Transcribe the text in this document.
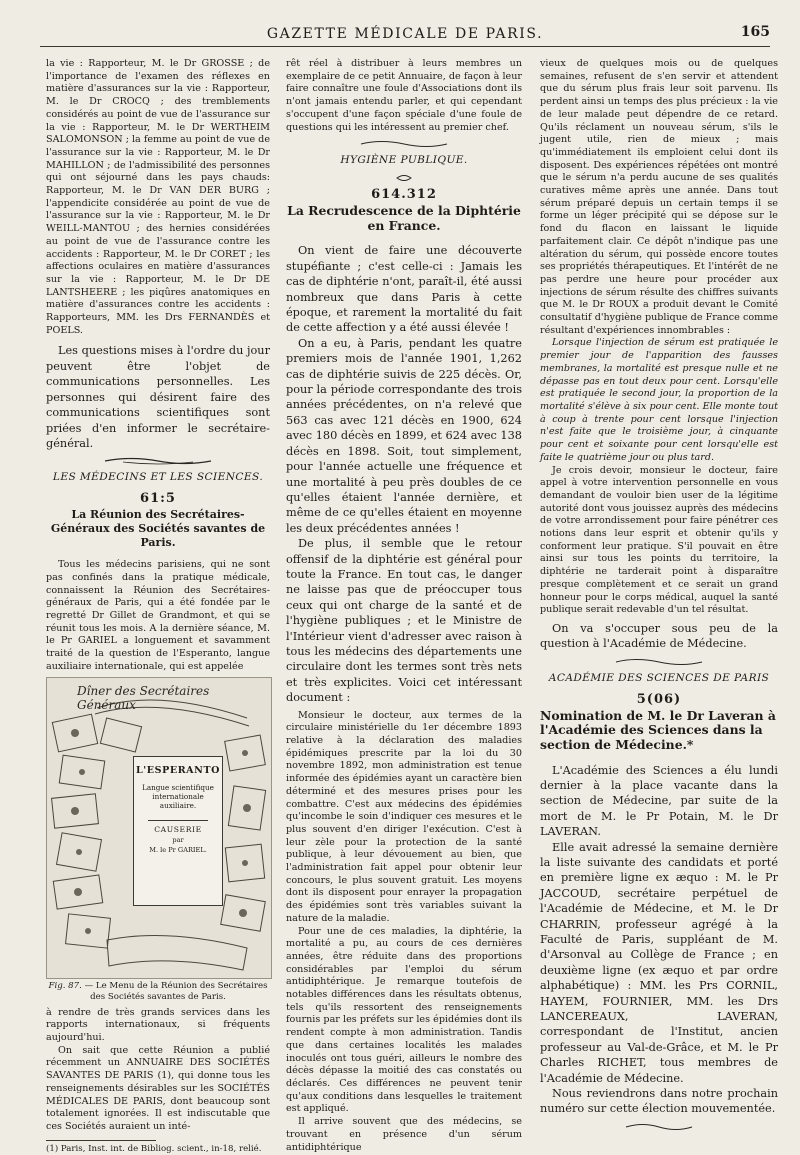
GAZETTE MÉDICALE DE PARIS.	165

la vie : Rapporteur, M. le Dr GROSSE ; de l'importance de l'examen des réflexes en matière d'assurances sur la vie : Rapporteur, M. le Dr CROCQ ; des tremblements considérés au point de vue de l'assurance sur la vie : Rapporteur, M. le Dr WERTHEIM SALOMONSON ; la femme au point de vue de l'assurance sur la vie : Rapporteur, M. le Dr MAHILLON ; de l'admissibilité des personnes qui ont séjourné dans les pays chauds: Rapporteur, M. le Dr VAN DER BURG ; l'appendicite considérée au point de vue de l'assurance sur la vie : Rapporteur, M. le Dr WEILL-MANTOU ; des hernies considérées au point de vue de l'assurance contre les accidents : Rapporteur, M. le Dr CORET ; les affections oculaires en matière d'assurances sur la vie : Rapporteur, M. le Dr DE LANTSHEERE ; les piqûres anatomiques en matière d'assurances contre les accidents : Rapporteurs, MM. les Drs FERNANDÈS et POELS.

Les questions mises à l'ordre du jour peuvent être l'objet de communications personnelles. Les personnes qui désirent faire des communications scientifiques sont priées d'en informer le secrétaire-général.

LES MÉDECINS ET LES SCIENCES.
61:5
La Réunion des Secrétaires-Généraux des Sociétés savantes de Paris.

Tous les médecins parisiens, qui ne sont pas confinés dans la pratique médicale, connaissent la Réunion des Secrétaires-généraux de Paris, qui a été fondée par le regretté Dr Gillet de Grandmont, et qui se réunit tous les mois. A la dernière séance, M. le Pr GARIEL a longuement et savamment traité de la question de l'Esperanto, langue auxiliaire internationale, qui est appelée

Dîner des Secrétaires Généraux
L'ESPERANTO
Langue scientifique internationale auxiliaire.
CAUSERIE
par
M. le Pr GARIEL.
Fig. 87. — Le Menu de la Réunion des Secrétaires des Sociétés savantes de Paris.

à rendre de très grands services dans les rapports internationaux, si fréquents aujourd'hui.

On sait que cette Réunion a publié récemment un ANNUAIRE DES SOCIÉTÉS SAVANTES DE PARIS (1), qui donne tous les renseignements désirables sur les SOCIÉTÉS MÉDICALES DE PARIS, dont beaucoup sont totalement ignorées. Il est indiscutable que ces Sociétés auraient un inté-

(1) Paris, Inst. int. de Bibliog. scient., in-18, relié.

rêt réel à distribuer à leurs membres un exemplaire de ce petit Annuaire, de façon à leur faire connaître une foule d'Associations dont ils n'ont jamais entendu parler, et qui cependant s'occupent d'une façon spéciale d'une foule de questions qui les intéressent au premier chef.

HYGIÈNE PUBLIQUE.
614.312
La Recrudescence de la Diphtérie en France.

On vient de faire une découverte stupéfiante ; c'est celle-ci : Jamais les cas de diphtérie n'ont, paraît-il, été aussi nombreux que dans Paris à cette époque, et rarement la mortalité du fait de cette affection y a été aussi élevée !

On a eu, à Paris, pendant les quatre premiers mois de l'année 1901, 1,262 cas de diphtérie suivis de 225 décès. Or, pour la période correspondante des trois années précédentes, on n'a relevé que 563 cas avec 121 décès en 1900, 624 avec 180 décès en 1899, et 624 avec 138 décès en 1898. Soit, tout simplement, pour l'année actuelle une fréquence et une mortalité à peu près doubles de ce qu'elles étaient l'année dernière, et même de ce qu'elles étaient en moyenne les deux précédentes années !

De plus, il semble que le retour offensif de la diphtérie est général pour toute la France. En tout cas, le danger ne laisse pas que de préoccuper tous ceux qui ont charge de la santé et de l'hygiène publiques ; et le Ministre de l'Intérieur vient d'adresser avec raison à tous les médecins des départements une circulaire dont les termes sont très nets et très explicites. Voici cet intéressant document :

Monsieur le docteur, aux termes de la circulaire ministérielle du 1er décembre 1893 relative à la déclaration des maladies épidémiques prescrite par la loi du 30 novembre 1892, mon administration est tenue informée des épidémies ayant un caractère bien déterminé et des mesures prises pour les combattre. C'est aux médecins des épidémies qu'incombe le soin d'indiquer ces mesures et le plus souvent d'en diriger l'exécution. C'est à leur zèle pour la protection de la santé publique, à leur dévouement au bien, que l'administration fait appel pour obtenir leur concours, le plus souvent gratuit. Les moyens dont ils disposent pour enrayer la propagation des épidémies sont très variables suivant la nature de la maladie.

Pour une de ces maladies, la diphtérie, la mortalité a pu, au cours de ces dernières années, être réduite dans des proportions considérables par l'emploi du sérum antidiphtérique. Je remarque toutefois de notables différences dans les résultats obtenus, tels qu'ils ressortent des renseignements fournis par les préfets sur les épidémies dont ils rendent compte à mon administration. Tandis que dans certaines localités les malades inoculés ont tous guéri, ailleurs le nombre des décès dépasse la moitié des cas constatés ou déclarés. Ces différences ne peuvent tenir qu'aux conditions dans lesquelles le traitement est appliqué.

Il arrive souvent que des médecins, se trouvant en présence d'un sérum antidiphtérique

vieux de quelques mois ou de quelques semaines, refusent de s'en servir et attendent que du sérum plus frais leur soit parvenu. Ils perdent ainsi un temps des plus précieux : la vie de leur malade peut dépendre de ce retard. Qu'ils réclament un nouveau sérum, s'ils le jugent utile, rien de mieux ; mais qu'immédiatement ils emploient celui dont ils disposent. Des expériences répétées ont montré que le sérum n'a perdu aucune de ses qualités curatives même après une année. Dans tout sérum préparé depuis un certain temps il se forme un léger précipité qui se dépose sur le fond du flacon en laissant le liquide parfaitement clair. Ce dépôt n'indique pas une altération du sérum, qui possède encore toutes ses propriétés thérapeutiques. Et l'intérêt de ne pas perdre une heure pour procéder aux injections de sérum résulte des chiffres suivants que M. le Dr ROUX a produit devant le Comité consultatif d'hygiène publique de France comme résultant d'expériences innombrables :

Lorsque l'injection de sérum est pratiquée le premier jour de l'apparition des fausses membranes, la mortalité est presque nulle et ne dépasse pas en tout deux pour cent. Lorsqu'elle est pratiquée le second jour, la proportion de la mortalité s'élève à six pour cent. Elle monte tout à coup à trente pour cent lorsque l'injection n'est faite que le troisième jour, à cinquante pour cent et soixante pour cent lorsqu'elle est faite le quatrième jour ou plus tard.

Je crois devoir, monsieur le docteur, faire appel à votre intervention personnelle en vous demandant de vouloir bien user de la légitime autorité dont vous jouissez auprès des médecins de votre arrondissement pour faire pénétrer ces notions dans leur esprit et obtenir qu'ils y conforment leur pratique. S'il pouvait en être ainsi sur tous les points du territoire, la diphtérie ne tarderait point à disparaître presque complètement et ce serait un grand honneur pour le corps médical, auquel la santé publique serait redevable d'un tel résultat.

On va s'occuper sous peu de la question à l'Académie de Médecine.

ACADÉMIE DES SCIENCES DE PARIS
5(06)
Nomination de M. le Dr Laveran à l'Académie des Sciences dans la section de Médecine.*

L'Académie des Sciences a élu lundi dernier à la place vacante dans la section de Médecine, par suite de la mort de M. le Pr Potain, M. le Dr LAVERAN.

Elle avait adressé la semaine dernière la liste suivante des candidats et porté en première ligne ex æquo : M. le Pr JACCOUD, secrétaire perpétuel de l'Académie de Médecine, et M. le Dr CHARRIN, professeur agrégé à la Faculté de Paris, suppléant de M. d'Arsonval au Collège de France ; en deuxième ligne (ex æquo et par ordre alphabétique) : MM. les Prs CORNIL, HAYEM, FOURNIER, MM. les Drs LANCEREAUX, LAVERAN, correspondant de l'Institut, ancien professeur au Val-de-Grâce, et M. le Pr Charles RICHET, tous membres de l'Académie de Médecine.

Nous reviendrons dans notre prochain numéro sur cette élection mouvementée.
